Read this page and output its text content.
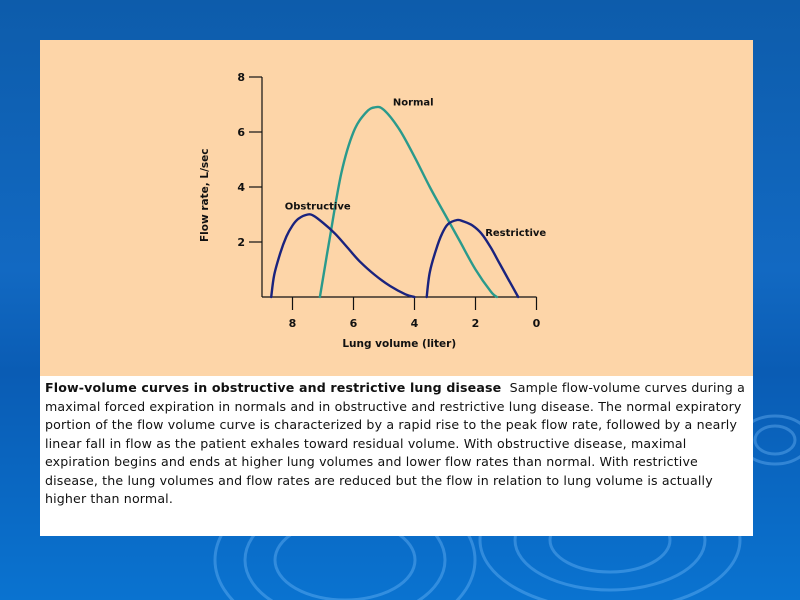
2
4
6
8
8	6	4	2	0
Lung volume (liter)
Flow rate, L/sec
Normal
Obstructive
Restrictive
Flow-volume curves in obstructive and restrictive lung disease Sample flow-volume curves during a maximal forced expiration in normals and in obstructive and restrictive lung disease. The normal expiratory portion of the flow volume curve is characterized by a rapid rise to the peak flow rate, followed by a nearly linear fall in flow as the patient exhales toward residual volume. With obstructive disease, maximal expiration begins and ends at higher lung volumes and lower flow rates than normal. With restrictive disease, the lung volumes and flow rates are reduced but the flow in relation to lung volume is actually higher than normal.
